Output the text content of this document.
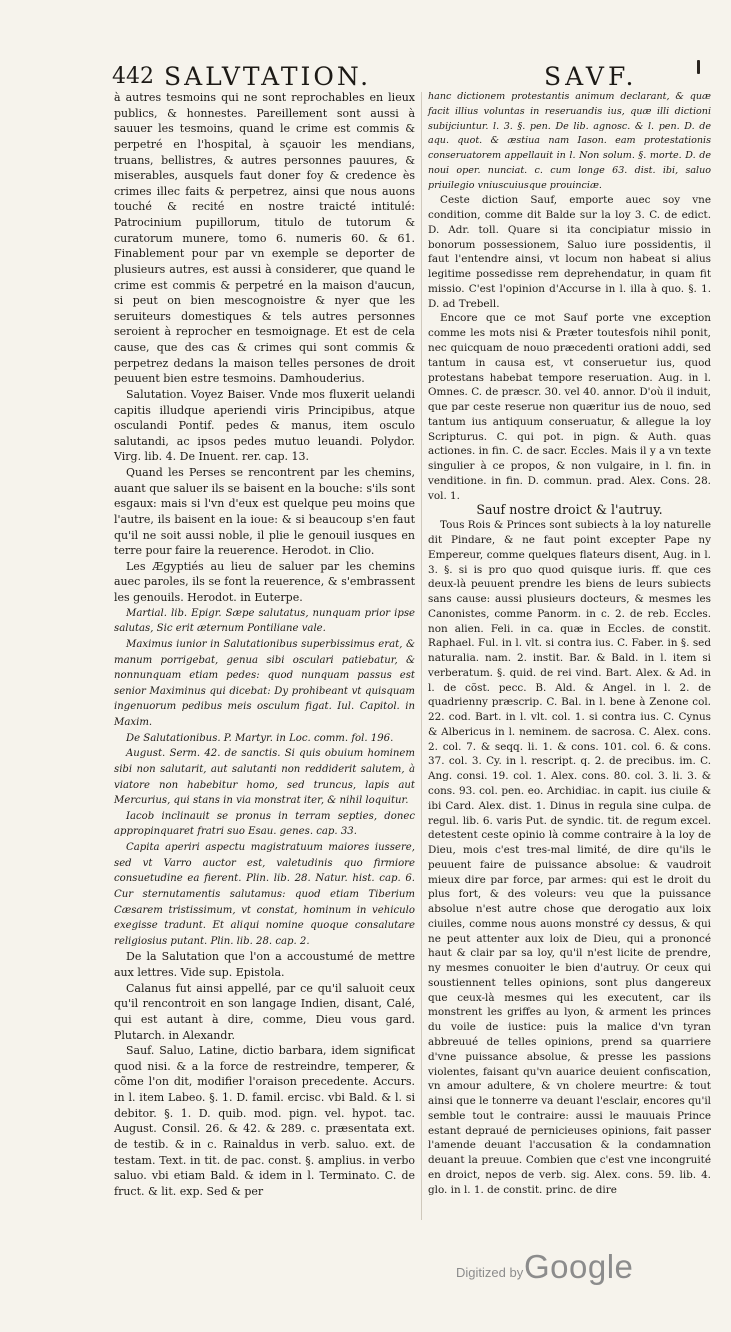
442 SALVTATION.	SAVF.

à autres tesmoins qui ne sont reprochables en lieux publics, & honnestes. Pareillement sont aussi à sauuer les tesmoins, quand le crime est commis & perpetré en l'hospital, à sçauoir les mendians, truans, bellistres, & autres personnes pauures, & miserables, ausquels faut doner foy & credence ès crimes illec faits & perpetrez, ainsi que nous auons touché & recité en nostre traicté intitulé: Patrocinium pupillorum, titulo de tutorum & curatorum munere, tomo 6. numeris 60. & 61. Finablement pour par vn exemple se deporter de plusieurs autres, est aussi à considerer, que quand le crime est commis & perpetré en la maison d'aucun, si peut on bien mescognoistre & nyer que les seruiteurs domestiques & tels autres personnes seroient à reprocher en tesmoignage. Et est de cela cause, que des cas & crimes qui sont commis & perpetrez dedans la maison telles persones de droit peuuent bien estre tesmoins. Damhouderius.

Salutation. Voyez Baiser. Vnde mos fluxerit uelandi capitis illudque aperiendi viris Principibus, atque osculandi Pontif. pedes & manus, item osculo salutandi, ac ipsos pedes mutuo leuandi. Polydor. Virg. lib. 4. De Inuent. rer. cap. 13.

Quand les Perses se rencontrent par les chemins, auant que saluer ils se baisent en la bouche: s'ils sont esgaux: mais si l'vn d'eux est quelque peu moins que l'autre, ils baisent en la ioue: & si beaucoup s'en faut qu'il ne soit aussi noble, il plie le genouil iusques en terre pour faire la reuerence. Herodot. in Clio.

Les Ægyptiés au lieu de saluer par les chemins auec paroles, ils se font la reuerence, & s'embrassent les genouils. Herodot. in Euterpe.

Martial. lib. Epigr. Sæpe salutatus, nunquam prior ipse salutas, Sic erit æternum Pontiliane vale.

Maximus iunior in Salutationibus superbissimus erat, & manum porrigebat, genua sibi osculari patiebatur, & nonnunquam etiam pedes: quod nunquam passus est senior Maximinus qui dicebat: Dy prohibeant vt quisquam ingenuorum pedibus meis osculum figat. Iul. Capitol. in Maxim.

De Salutationibus. P. Martyr. in Loc. comm. fol. 196.

August. Serm. 42. de sanctis. Si quis obuium hominem sibi non salutarit, aut salutanti non reddiderit salutem, à viatore non habebitur homo, sed truncus, lapis aut Mercurius, qui stans in via monstrat iter, & nihil loquitur.

Iacob inclinauit se pronus in terram septies, donec appropinquaret fratri suo Esau. genes. cap. 33.

Capita aperiri aspectu magistratuum maiores iussere, sed vt Varro auctor est, valetudinis quo firmiore consuetudine ea fierent. Plin. lib. 28. Natur. hist. cap. 6. Cur sternutamentis salutamus: quod etiam Tiberium Cæsarem tristissimum, vt constat, hominum in vehiculo exegisse tradunt. Et aliqui nomine quoque consalutare religiosius putant. Plin. lib. 28. cap. 2.

De la Salutation que l'on a accoustumé de mettre aux lettres. Vide sup. Epistola.

Calanus fut ainsi appellé, par ce qu'il saluoit ceux qu'il rencontroit en son langage Indien, disant, Calé, qui est autant à dire, comme, Dieu vous gard. Plutarch. in Alexandr.

Sauf. Saluo, Latine, dictio barbara, idem significat quod nisi. & a la force de restreindre, temperer, & cõme l'on dit, modifier l'oraison precedente. Accurs. in l. item Labeo. §. 1. D. famil. ercisc. vbi Bald. & l. si debitor. §. 1. D. quib. mod. pign. vel. hypot. tac. August. Consil. 26. & 42. & 289. c. præsentata ext. de testib. & in c. Rainaldus in verb. saluo. ext. de testam. Text. in tit. de pac. const. §. amplius. in verbo saluo. vbi etiam Bald. & idem in l. Terminato. C. de fruct. & lit. exp. Sed & per

hanc dictionem protestantis animum declarant, & quæ facit illius voluntas in reseruandis ius, quæ illi dictioni subijciuntur. l. 3. §. pen. De lib. agnosc. & l. pen. D. de aqu. quot. & æstiua nam Iason. eam protestationis conseruatorem appellauit in l. Non solum. §. morte. D. de noui oper. nunciat. c. cum longe 63. dist. ibi, saluo priuilegio vniuscuiusque prouinciæ.

Ceste diction Sauf, emporte auec soy vne condition, comme dit Balde sur la loy 3. C. de edict. D. Adr. toll. Quare si ita concipiatur missio in bonorum possessionem, Saluo iure possidentis, il faut l'entendre ainsi, vt locum non habeat si alius legitime possedisse rem deprehendatur, in quam fit missio. C'est l'opinion d'Accurse in l. illa à quo. §. 1. D. ad Trebell.

Encore que ce mot Sauf porte vne exception comme les mots nisi & Præter toutesfois nihil ponit, nec quicquam de nouo præcedenti orationi addi, sed tantum in causa est, vt conseruetur ius, quod protestans habebat tempore reseruation. Aug. in l. Omnes. C. de præscr. 30. vel 40. annor. D'où il induit, que par ceste reserue non quæritur ius de nouo, sed tantum ius antiquum conseruatur, & allegue la loy Scripturus. C. qui pot. in pign. & Auth. quas actiones. in fin. C. de sacr. Eccles. Mais il y a vn texte singulier à ce propos, & non vulgaire, in l. fin. in venditione. in fin. D. commun. prad. Alex. Cons. 28. vol. 1.

Sauf nostre droict & l'autruy.

Tous Rois & Princes sont subiects à la loy naturelle dit Pindare, & ne faut point excepter Pape ny Empereur, comme quelques flateurs disent, Aug. in l. 3. §. si is pro quo quod quisque iuris. ff. que ces deux-là peuuent prendre les biens de leurs subiects sans cause: aussi plusieurs docteurs, & mesmes les Canonistes, comme Panorm. in c. 2. de reb. Eccles. non alien. Feli. in ca. quæ in Eccles. de constit. Raphael. Ful. in l. vlt. si contra ius. C. Faber. in §. sed naturalia. nam. 2. instit. Bar. & Bald. in l. item si verberatum. §. quid. de rei vind. Bart. Alex. & Ad. in l. de cõst. pecc. B. Ald. & Angel. in l. 2. de quadrienny præscrip. C. Bal. in l. bene à Zenone col. 22. cod. Bart. in l. vlt. col. 1. si contra ius. C. Cynus & Albericus in l. neminem. de sacrosa. C. Alex. cons. 2. col. 7. & seqq. li. 1. & cons. 101. col. 6. & cons. 37. col. 3. Cy. in l. rescript. q. 2. de precibus. im. C. Ang. consi. 19. col. 1. Alex. cons. 80. col. 3. li. 3. & cons. 93. col. pen. eo. Archidiac. in capit. ius ciuile & ibi Card. Alex. dist. 1. Dinus in regula sine culpa. de regul. lib. 6. varis Put. de syndic. tit. de regum excel. detestent ceste opinio là comme contraire à la loy de Dieu, mois c'est tres-mal limité, de dire qu'ils le peuuent faire de puissance absolue: & vaudroit mieux dire par force, par armes: qui est le droit du plus fort, & des voleurs: veu que la puissance absolue n'est autre chose que derogatio aux loix ciuiles, comme nous auons monstré cy dessus, & qui ne peut attenter aux loix de Dieu, qui a prononcé haut & clair par sa loy, qu'il n'est licite de prendre, ny mesmes conuoiter le bien d'autruy. Or ceux qui soustiennent telles opinions, sont plus dangereux que ceux-là mesmes qui les executent, car ils monstrent les griffes au lyon, & arment les princes du voile de iustice: puis la malice d'vn tyran abbreuué de telles opinions, prend sa quarriere d'vne puissance absolue, & presse les passions violentes, faisant qu'vn auarice deuient confiscation, vn amour adultere, & vn cholere meurtre: & tout ainsi que le tonnerre va deuant l'esclair, encores qu'il semble tout le contraire: aussi le mauuais Prince estant depraué de pernicieuses opinions, fait passer l'amende deuant l'accusation & la condamnation deuant la preuue. Combien que c'est vne incongruité en droict, nepos de verb. sig. Alex. cons. 59. lib. 4. glo. in l. 1. de constit. princ. de dire

Digitized by Google
